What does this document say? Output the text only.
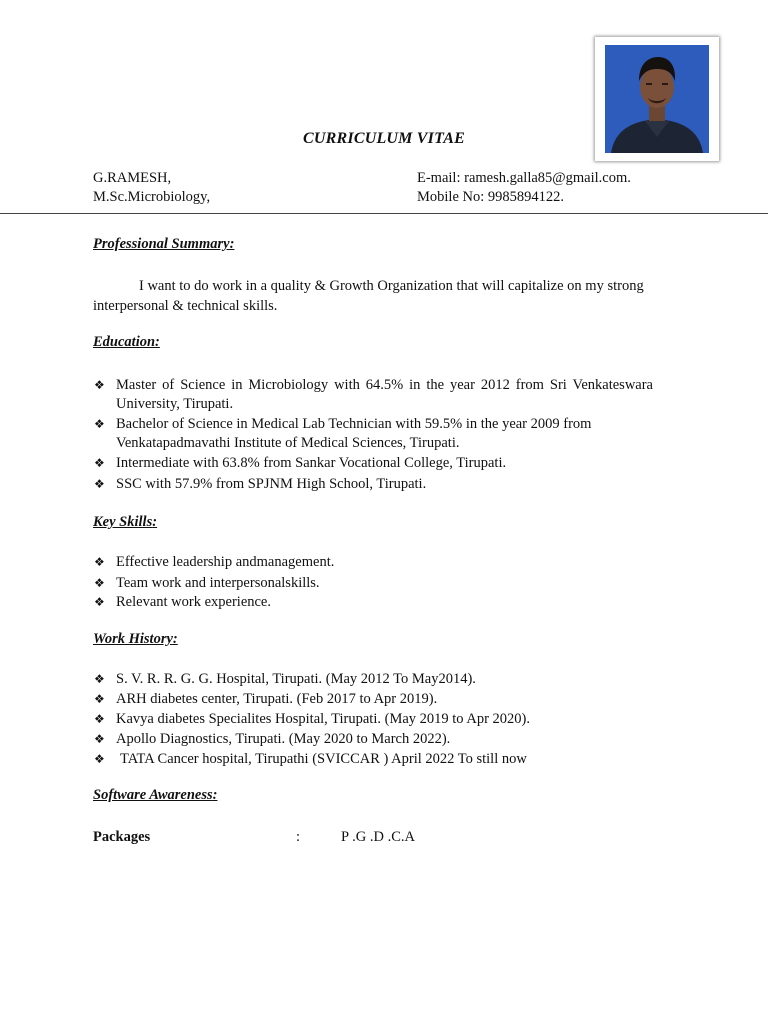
CURRICULUM VITAE
G.RAMESH,
M.Sc.Microbiology,
E-mail: ramesh.galla85@gmail.com.
Mobile No: 9985894122.
Professional Summary:
I want to do work in a quality & Growth Organization that will capitalize on my strong interpersonal & technical skills.
Education:
❖ Master of Science in Microbiology with 64.5% in the year 2012 from Sri Venkateswara University, Tirupati.
❖ Bachelor of Science in Medical Lab Technician with 59.5% in the year 2009 from Venkatapadmavathi Institute of Medical Sciences, Tirupati.
❖ Intermediate with 63.8% from Sankar Vocational College, Tirupati.
❖ SSC with 57.9% from SPJNM High School, Tirupati.
Key Skills:
❖ Effective leadership andmanagement.
❖ Team work and interpersonalskills.
❖ Relevant work experience.
Work History:
❖ S. V. R. R. G. G. Hospital, Tirupati. (May 2012 To May2014).
❖ ARH diabetes center, Tirupati. (Feb 2017 to Apr 2019).
❖ Kavya diabetes Specialites Hospital, Tirupati. (May 2019 to Apr 2020).
❖ Apollo Diagnostics, Tirupati. (May 2020 to March 2022).
❖ TATA Cancer hospital, Tirupathi (SVICCAR ) April 2022 To still now
Software Awareness:
Packages	:	P .G .D .C.A
